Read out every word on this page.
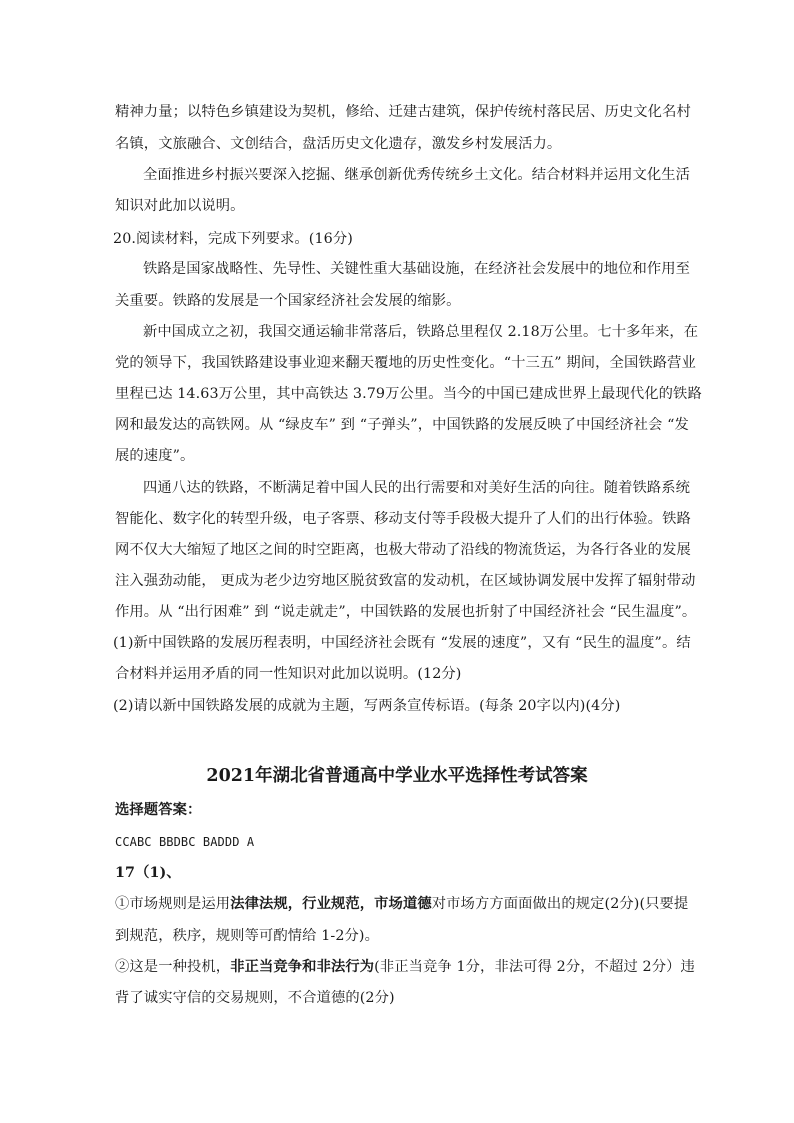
精神力量；以特色乡镇建设为契机，修给、迁建古建筑，保护传统村落民居、历史文化名村
名镇，文旅融合、文创结合，盘活历史文化遗存，激发乡村发展活力。
全面推进乡村振兴要深入挖掘、继承创新优秀传统乡土文化。结合材料并运用文化生活
知识对此加以说明。
20.阅读材料，完成下列要求。(16分)
铁路是国家战略性、先导性、关键性重大基础设施，在经济社会发展中的地位和作用至
关重要。铁路的发展是一个国家经济社会发展的缩影。
新中国成立之初，我国交通运输非常落后，铁路总里程仅 2.18万公里。七十多年来，在
党的领导下，我国铁路建设事业迎来翻天覆地的历史性变化。“十三五” 期间，全国铁路营业
里程已达 14.63万公里，其中高铁达 3.79万公里。当今的中国已建成世界上最现代化的铁路
网和最发达的高铁网。从 “绿皮车” 到 “子弹头”，中国铁路的发展反映了中国经济社会 “发
展的速度”。
四通八达的铁路，不断满足着中国人民的出行需要和对美好生活的向往。随着铁路系统
智能化、数字化的转型升级，电子客票、移动支付等手段极大提升了人们的出行体验。铁路
网不仅大大缩短了地区之间的时空距离，也极大带动了沿线的物流货运，为各行各业的发展
注入强劲动能， 更成为老少边穷地区脱贫致富的发动机，在区域协调发展中发挥了辐射带动
作用。从 “出行困难” 到 “说走就走”，中国铁路的发展也折射了中国经济社会 “民生温度”。
(1)新中国铁路的发展历程表明，中国经济社会既有 “发展的速度”，又有 “民生的温度”。结
合材料并运用矛盾的同一性知识对此加以说明。(12分)
(2)请以新中国铁路发展的成就为主题，写两条宣传标语。(每条 20字以内)(4分)
2021年湖北省普通高中学业水平选择性考试答案
选择题答案：
CCABC BBDBC BADDD A
17（1)、
①市场规则是运用法律法规，行业规范，市场道德对市场方方面面做出的规定(2分)(只要提
到规范，秩序，规则等可酌情给 1-2分)。
②这是一种投机，非正当竞争和非法行为(非正当竞争 1分，非法可得 2分，不超过 2分）违
背了诚实守信的交易规则，不合道德的(2分)
